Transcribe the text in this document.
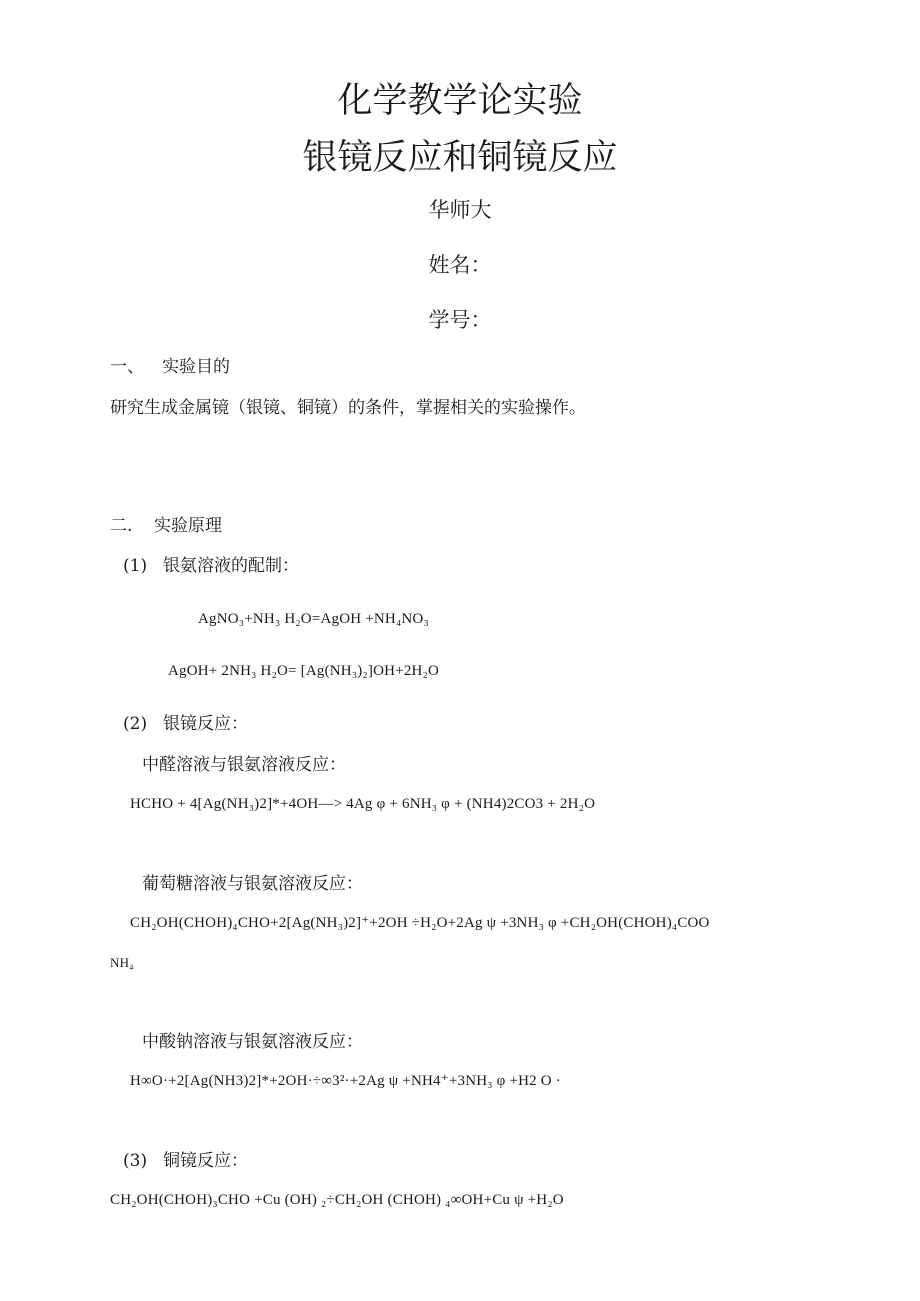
化学教学论实验
银镜反应和铜镜反应
华师大
姓名：
学号：
一、 实验目的
研究生成金属镜（银镜、铜镜）的条件，掌握相关的实验操作。
二. 实验原理
(1) 银氨溶液的配制：
AgNO₃+NH₃ H₂O=AgOH +NH₄NO₃
AgOH+ 2NH₃ H₂O= [Ag(NH₃)₂]OH+2H₂O
(2) 银镜反应：
中醛溶液与银氨溶液反应：
HCHO + 4[Ag(NH₃)2]*+4OH—> 4Ag φ + 6NH₃ φ + (NH4)2CO3 + 2H₂O
葡萄糖溶液与银氨溶液反应：
CH₂OH(CHOH)₄CHO+2[Ag(NH₃)2]⁺+2OH ÷H₂O+2Ag ψ +3NH₃ φ +CH₂OH(CHOH)₄COO
NH₄
中酸钠溶液与银氨溶液反应：
H∞O·+2[Ag(NH3)2]*+2OH·÷∞3²·+2Ag ψ +NH4⁺+3NH₃ φ +H2 O ·
(3) 铜镜反应：
CH₂OH(CHOH)₃CHO +Cu (OH) ₂÷CH₂OH (CHOH) ₄∞OH+Cu ψ +H₂O
